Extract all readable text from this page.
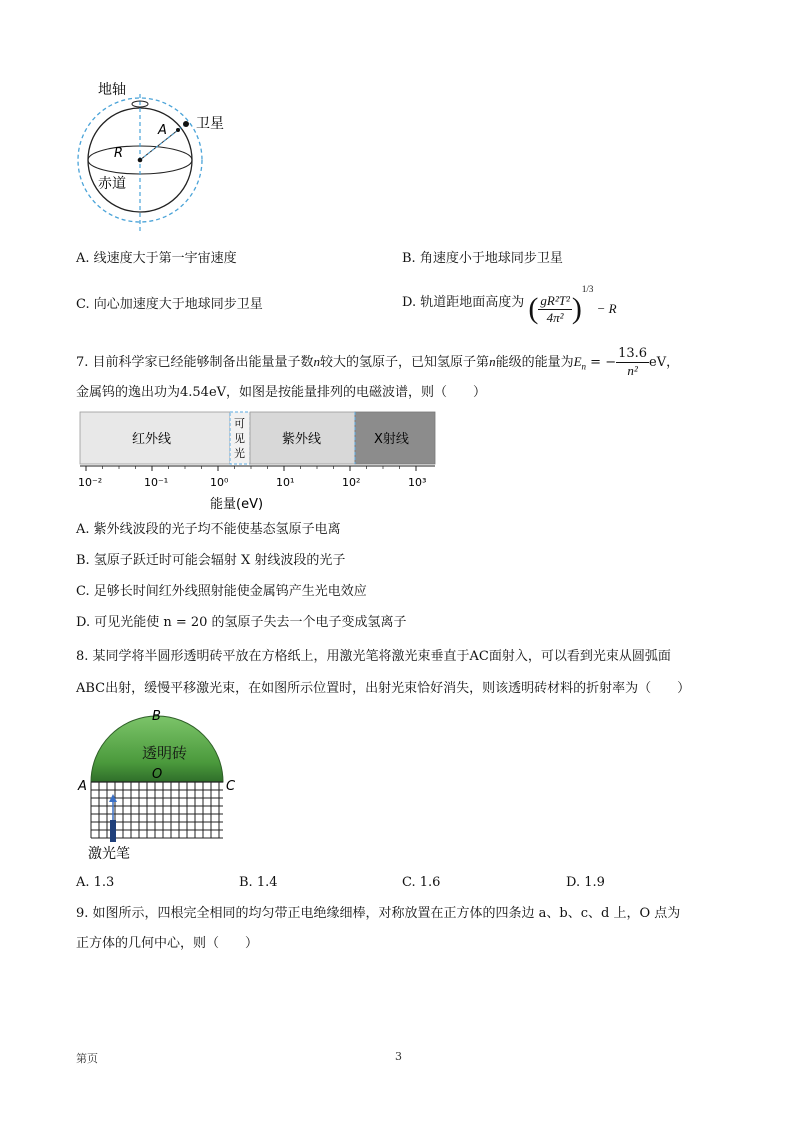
地轴
卫星
A
R
赤道
A. 线速度大于第一宇宙速度	B. 角速度小于地球同步卫星
C. 向心加速度大于地球同步卫星	D. 轨道距地面高度为 ( $\frac{\text{gR²T²}}{\text{4π²}} )^{1/3} - R$
7. 目前科学家已经能够制备出能量量子数n较大的氢原子，已知氢原子第n能级的能量为$E_n$ = − $\frac{13.6}{\text{n²}}$ eV，
金属钨的逸出功为4.54eV，如图是按能量排列的电磁波谱，则（　　）
红外线
可
见
光
紫外线	X射线
10⁻²	10⁻¹	10⁰	10¹	10²	10³
能量(eV)
A. 紫外线波段的光子均不能使基态氢原子电离
B. 氢原子跃迁时可能会辐射 X 射线波段的光子
C. 足够长时间红外线照射能使金属钨产生光电效应
D. 可见光能使 n = 20 的氢原子失去一个电子变成氢离子
8. 某同学将半圆形透明砖平放在方格纸上，用激光笔将激光束垂直于AC面射入，可以看到光束从圆弧面
ABC出射，缓慢平移激光束，在如图所示位置时，出射光束恰好消失，则该透明砖材料的折射率为（　　）
B
透明砖
O
A	C
激光笔
A. 1.3	B. 1.4	C. 1.6	D. 1.9
9. 如图所示，四根完全相同的均匀带正电绝缘细棒，对称放置在正方体的四条边 a、b、c、d 上，O 点为
正方体的几何中心，则（　　）
第页	3
